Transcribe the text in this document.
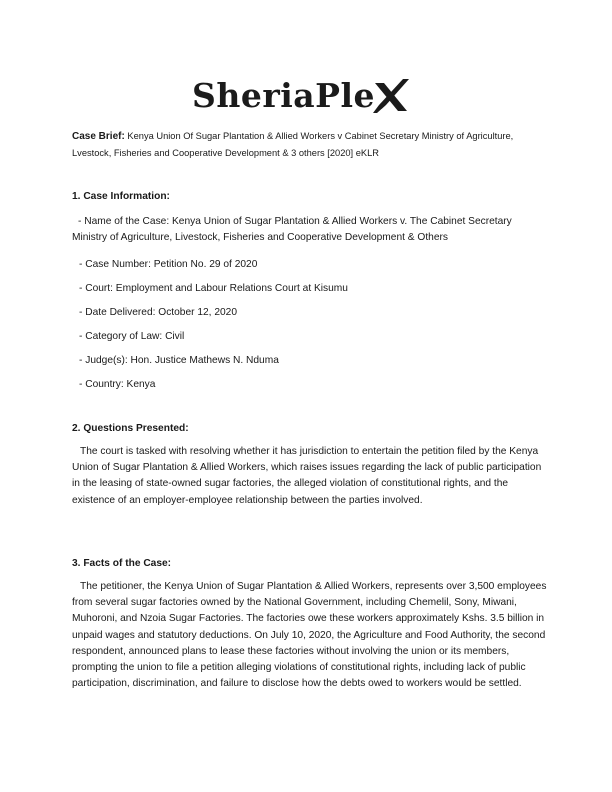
SheriaPle
Case Brief: Kenya Union Of Sugar Plantation & Allied Workers v Cabinet Secretary Ministry of Agriculture, Lvestock, Fisheries and Cooperative Development & 3 others [2020] eKLR
1. Case Information:
- Name of the Case: Kenya Union of Sugar Plantation & Allied Workers v. The Cabinet Secretary Ministry of Agriculture, Livestock, Fisheries and Cooperative Development & Others
- Case Number: Petition No. 29 of 2020
- Court: Employment and Labour Relations Court at Kisumu
- Date Delivered: October 12, 2020
- Category of Law: Civil
- Judge(s): Hon. Justice Mathews N. Nduma
- Country: Kenya
2. Questions Presented:
The court is tasked with resolving whether it has jurisdiction to entertain the petition filed by the Kenya Union of Sugar Plantation & Allied Workers, which raises issues regarding the lack of public participation in the leasing of state-owned sugar factories, the alleged violation of constitutional rights, and the existence of an employer-employee relationship between the parties involved.
3. Facts of the Case:
The petitioner, the Kenya Union of Sugar Plantation & Allied Workers, represents over 3,500 employees from several sugar factories owned by the National Government, including Chemelil, Sony, Miwani, Muhoroni, and Nzoia Sugar Factories. The factories owe these workers approximately Kshs. 3.5 billion in unpaid wages and statutory deductions. On July 10, 2020, the Agriculture and Food Authority, the second respondent, announced plans to lease these factories without involving the union or its members, prompting the union to file a petition alleging violations of constitutional rights, including lack of public participation, discrimination, and failure to disclose how the debts owed to workers would be settled.
